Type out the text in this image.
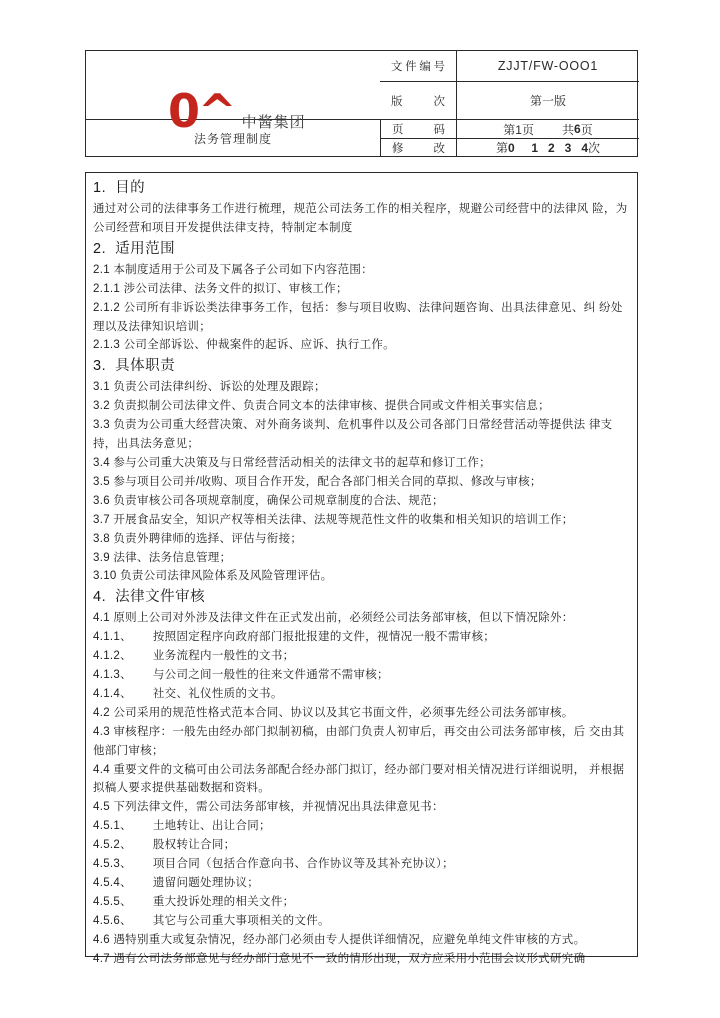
0^ 中酱集团
文件编号	ZJJT/FW-OOO1
版次	第一版
法务管理制度
页码	第1页 共 6 页
修改	第 0     1   2   3   4 次
1.  目的
通过对公司的法律事务工作进行梳理，规范公司法务工作的相关程序，规避公司经营中的法律风 险，为公司经营和项目开发提供法律支持，特制定本制度
2.  适用范围
2.1 本制度适用于公司及下属各子公司如下内容范围：
2.1.1 涉公司法律、法务文件的拟订、审核工作；
2.1.2 公司所有非诉讼类法律事务工作，包括：参与项目收购、法律问题咨询、出具法律意见、纠 纷处理以及法律知识培训；
2.1.3 公司全部诉讼、仲裁案件的起诉、应诉、执行工作。
3.  具体职责
3.1 负责公司法律纠纷、诉讼的处理及跟踪；
3.2 负责拟制公司法律文件、负责合同文本的法律审核、提供合同或文件相关事实信息；
3.3 负责为公司重大经营决策、对外商务谈判、危机事件以及公司各部门日常经营活动等提供法 律支持，出具法务意见；
3.4 参与公司重大决策及与日常经营活动相关的法律文书的起草和修订工作；
3.5 参与项目公司并/收购、项目合作开发，配合各部门相关合同的草拟、修改与审核；
3.6 负责审核公司各项规章制度，确保公司规章制度的合法、规范；
3.7 开展食品安全，知识产权等相关法律、法规等规范性文件的收集和相关知识的培训工作；
3.8 负责外聘律师的选择、评估与衔接；
3.9 法律、法务信息管理；
3.10 负责公司法律风险体系及风险管理评估。
4.  法律文件审核
4.1 原则上公司对外涉及法律文件在正式发出前，必须经公司法务部审核，但以下情况除外：
4.1.1、      按照固定程序向政府部门报批报建的文件，视情况一般不需审核；
4.1.2、      业务流程内一般性的文书；
4.1.3、      与公司之间一般性的往来文件通常不需审核；
4.1.4、      社交、礼仪性质的文书。
4.2 公司采用的规范性格式范本合同、协议以及其它书面文件，必须事先经公司法务部审核。
4.3 审核程序：一般先由经办部门拟制初稿，由部门负责人初审后，再交由公司法务部审核，后 交由其他部门审核；
4.4 重要文件的文稿可由公司法务部配合经办部门拟订，经办部门要对相关情况进行详细说明， 并根据拟稿人要求提供基础数据和资料。
4.5 下列法律文件，需公司法务部审核，并视情况出具法律意见书：
4.5.1、      土地转让、出让合同；
4.5.2、      股权转让合同；
4.5.3、      项目合同（包括合作意向书、合作协议等及其补充协议）；
4.5.4、      遗留问题处理协议；
4.5.5、      重大投诉处理的相关文件；
4.5.6、      其它与公司重大事项相关的文件。
4.6 遇特别重大或复杂情况，经办部门必须由专人提供详细情况，应避免单纯文件审核的方式。
4.7 遇有公司法务部意见与经办部门意见不一致的情形出现，双方应采用小范围会议形式研究确
